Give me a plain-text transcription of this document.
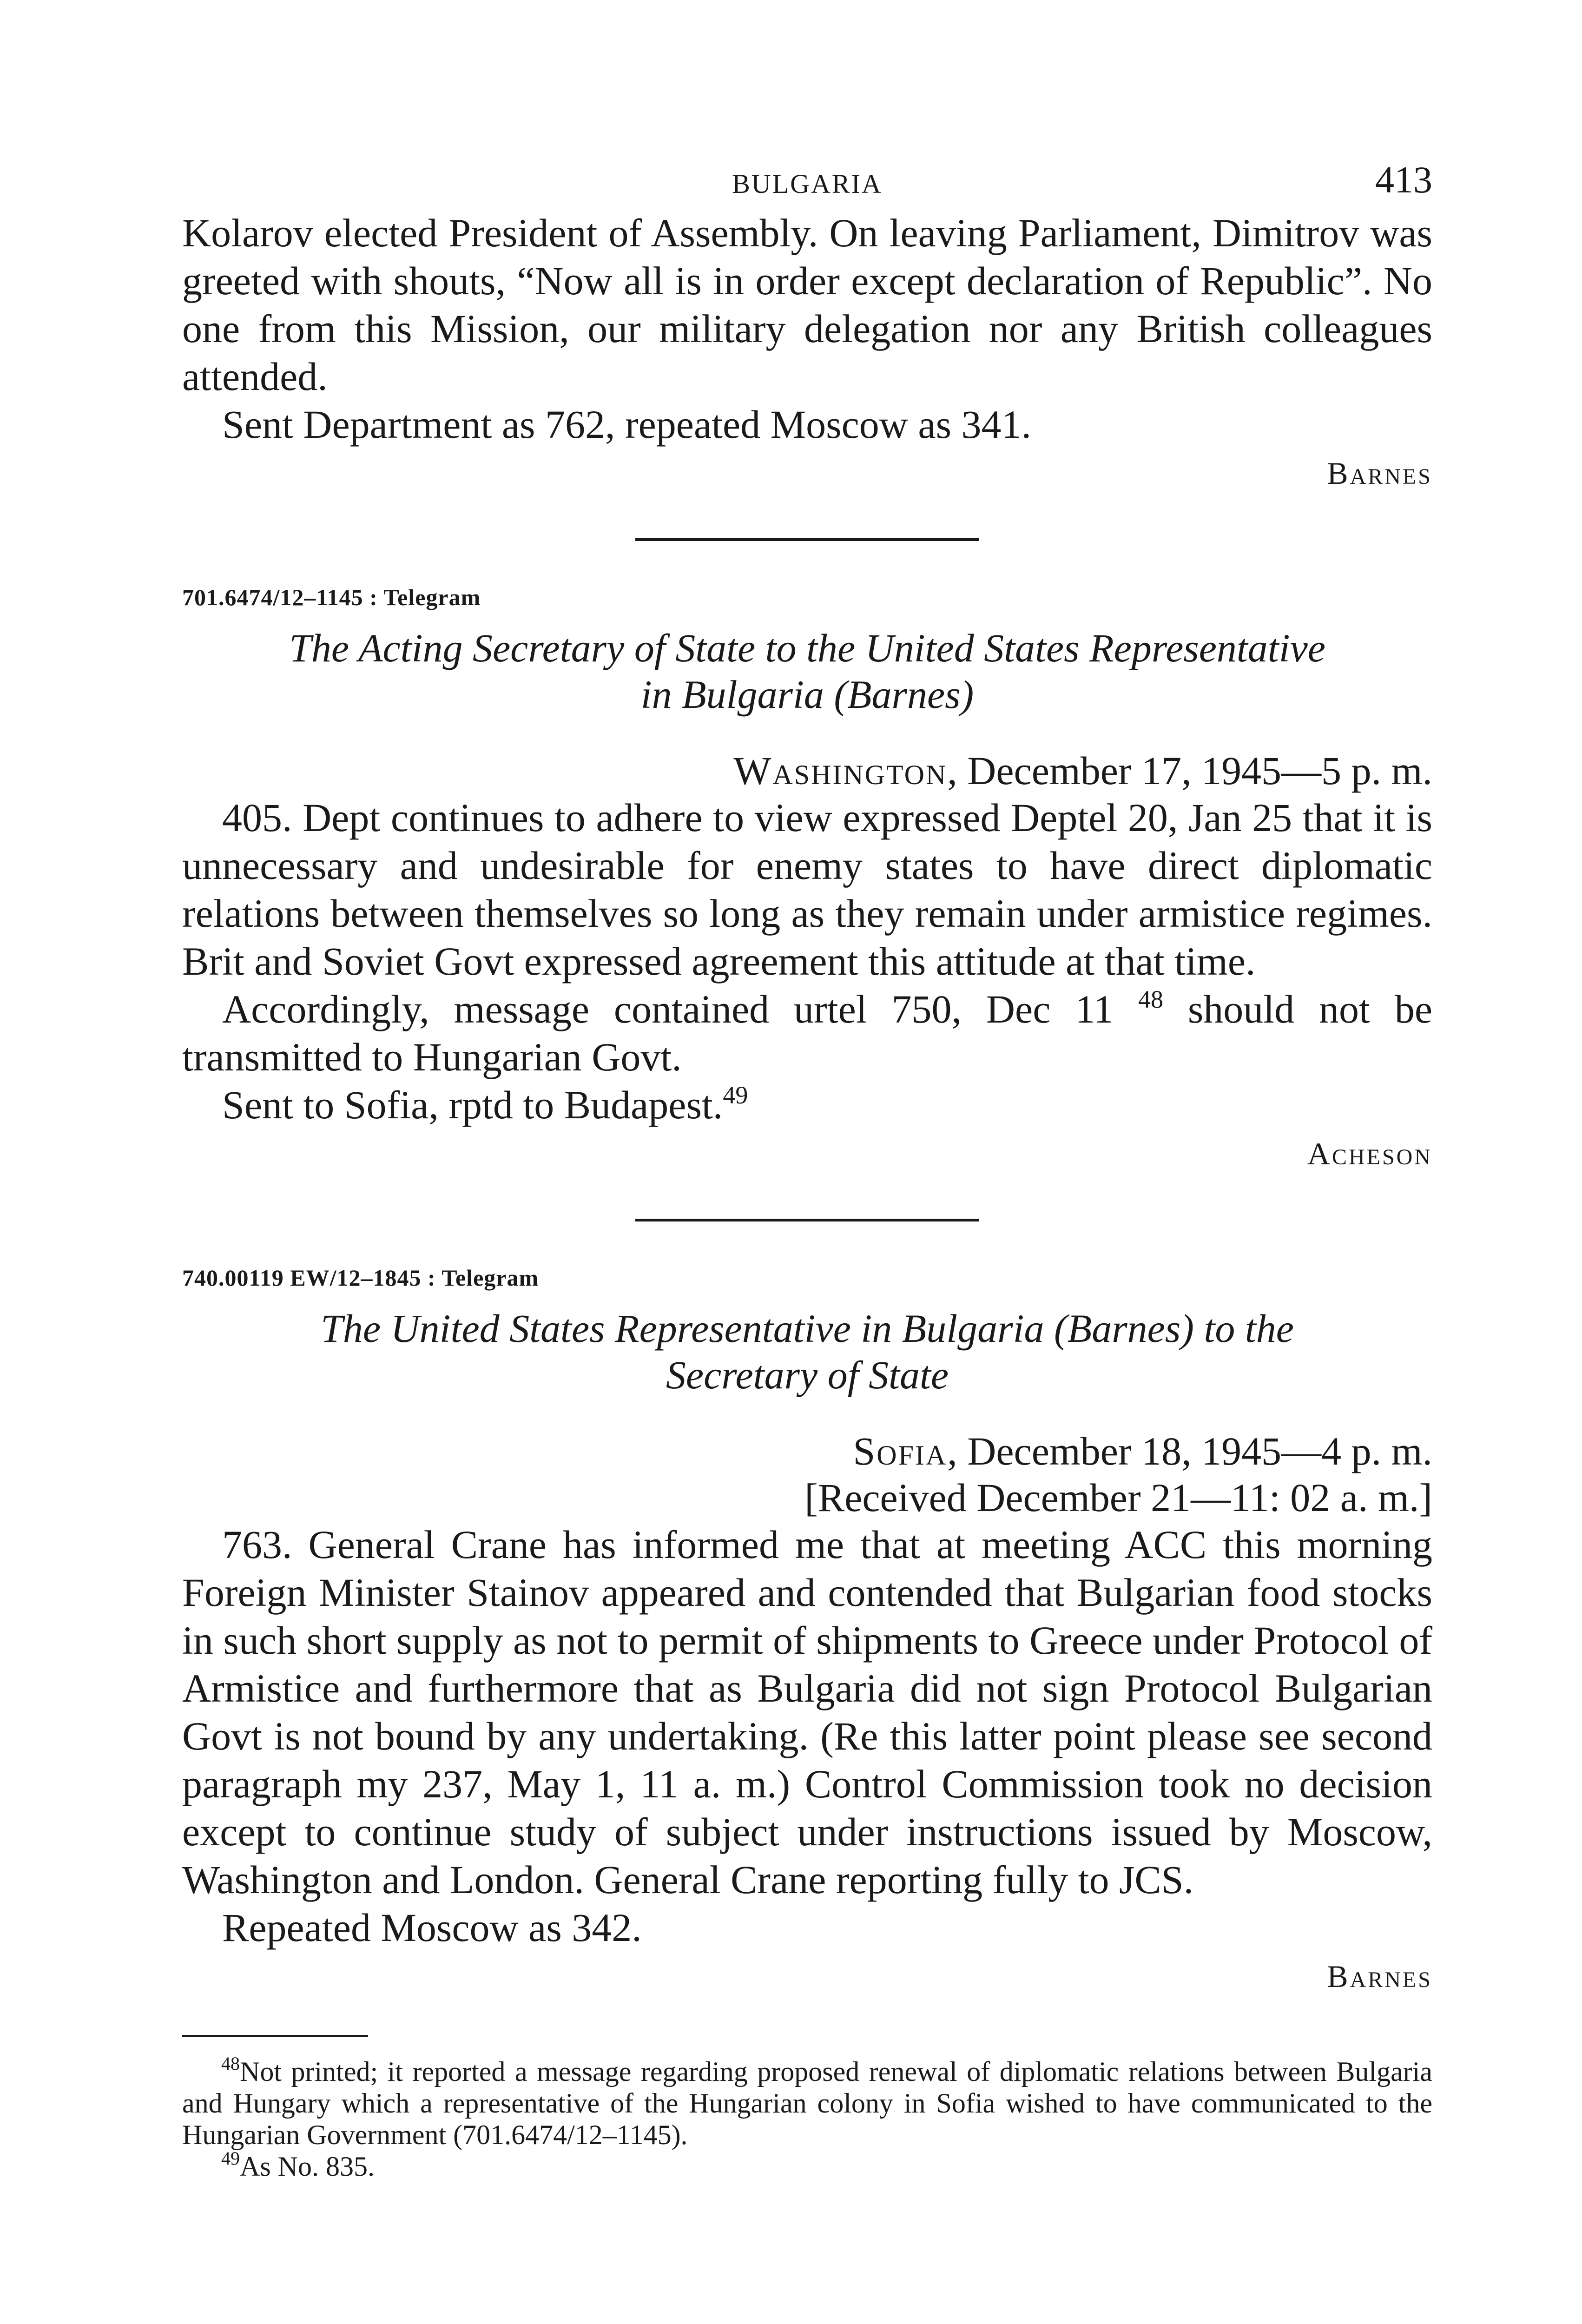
BULGARIA	413

Kolarov elected President of Assembly. On leaving Parliament, Dimitrov was greeted with shouts, “Now all is in order except declaration of Republic”. No one from this Mission, our military delegation nor any British colleagues attended.

Sent Department as 762, repeated Moscow as 341.

Barnes

701.6474/12–1145 : Telegram

The Acting Secretary of State to the United States Representative
in Bulgaria (Barnes)

Washington, December 17, 1945—5 p. m.

405. Dept continues to adhere to view expressed Deptel 20, Jan 25 that it is unnecessary and undesirable for enemy states to have direct diplomatic relations between themselves so long as they remain under armistice regimes. Brit and Soviet Govt expressed agreement this attitude at that time.

Accordingly, message contained urtel 750, Dec 11 $^{48}$ should not be transmitted to Hungarian Govt.

Sent to Sofia, rptd to Budapest.$^{49}$

Acheson

740.00119 EW/12–1845 : Telegram

The United States Representative in Bulgaria (Barnes) to the
Secretary of State

Sofia, December 18, 1945—4 p. m.

[Received December 21—11: 02 a. m.]

763. General Crane has informed me that at meeting ACC this morning Foreign Minister Stainov appeared and contended that Bulgarian food stocks in such short supply as not to permit of shipments to Greece under Protocol of Armistice and furthermore that as Bulgaria did not sign Protocol Bulgarian Govt is not bound by any undertaking. (Re this latter point please see second paragraph my 237, May 1, 11 a. m.) Control Commission took no decision except to continue study of subject under instructions issued by Moscow, Washington and London. General Crane reporting fully to JCS.

Repeated Moscow as 342.

Barnes

$^{48}$Not printed; it reported a message regarding proposed renewal of diplomatic relations between Bulgaria and Hungary which a representative of the Hungarian colony in Sofia wished to have communicated to the Hungarian Government (701.6474/12–1145).

$^{49}$As No. 835.
